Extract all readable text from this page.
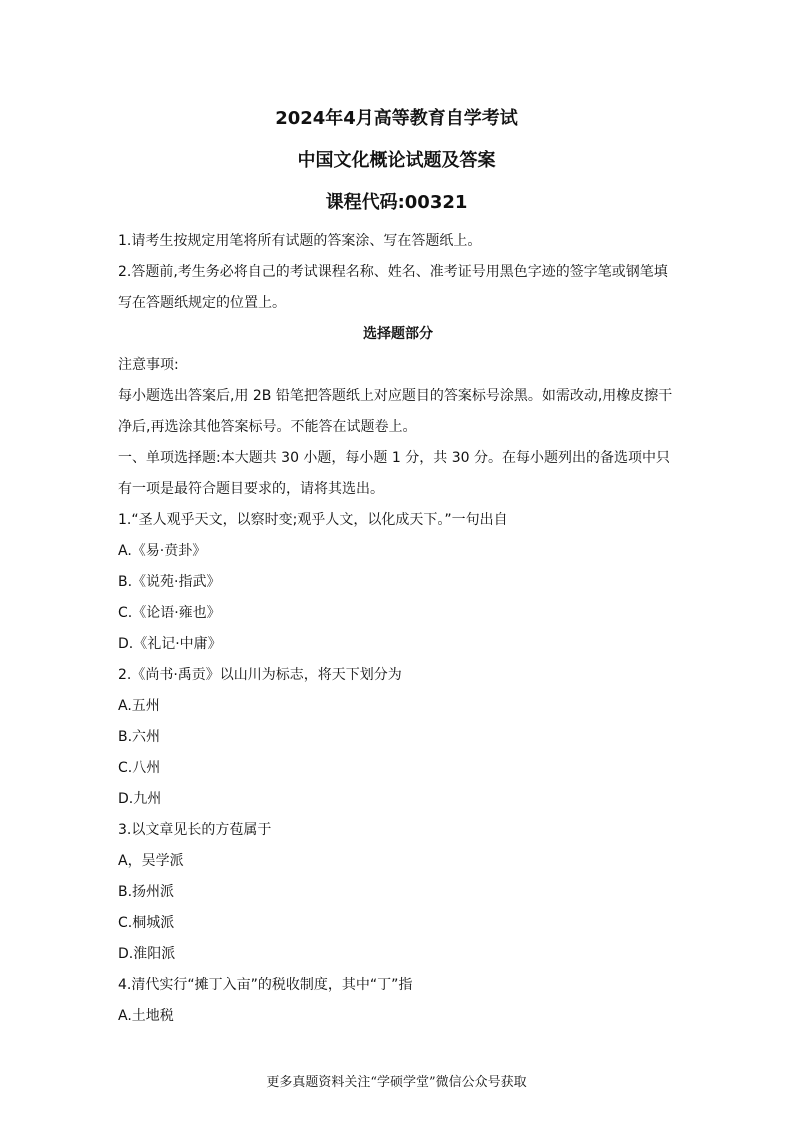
2024年4月高等教育自学考试
中国文化概论试题及答案
课程代码:00321

1.请考生按规定用笔将所有试题的答案涂、写在答题纸上。

2.答题前,考生务必将自己的考试课程名称、姓名、准考证号用黑色字迹的签字笔或钢笔填写在答题纸规定的位置上。

选择题部分

注意事项:

每小题选出答案后,用 2B 铅笔把答题纸上对应题目的答案标号涂黑。如需改动,用橡皮擦干净后,再选涂其他答案标号。不能答在试题卷上。

一、单项选择题:本大题共 30 小题，每小题 1 分，共 30 分。在每小题列出的备选项中只有一项是最符合题目要求的，请将其选出。

1.“圣人观乎天文，以察时变;观乎人文，以化成天下。”一句出自

A.《易·贲卦》

B.《说苑·指武》

C.《论语·雍也》

D.《礼记·中庸》

2.《尚书·禹贡》以山川为标志，将天下划分为

A.五州

B.六州

C.八州

D.九州

3.以文章见长的方苞属于

A，吴学派

B.扬州派

C.桐城派

D.淮阳派

4.清代实行“摊丁入亩”的税收制度，其中“丁”指

A.土地税

更多真题资料关注“学硕学堂”微信公众号获取
